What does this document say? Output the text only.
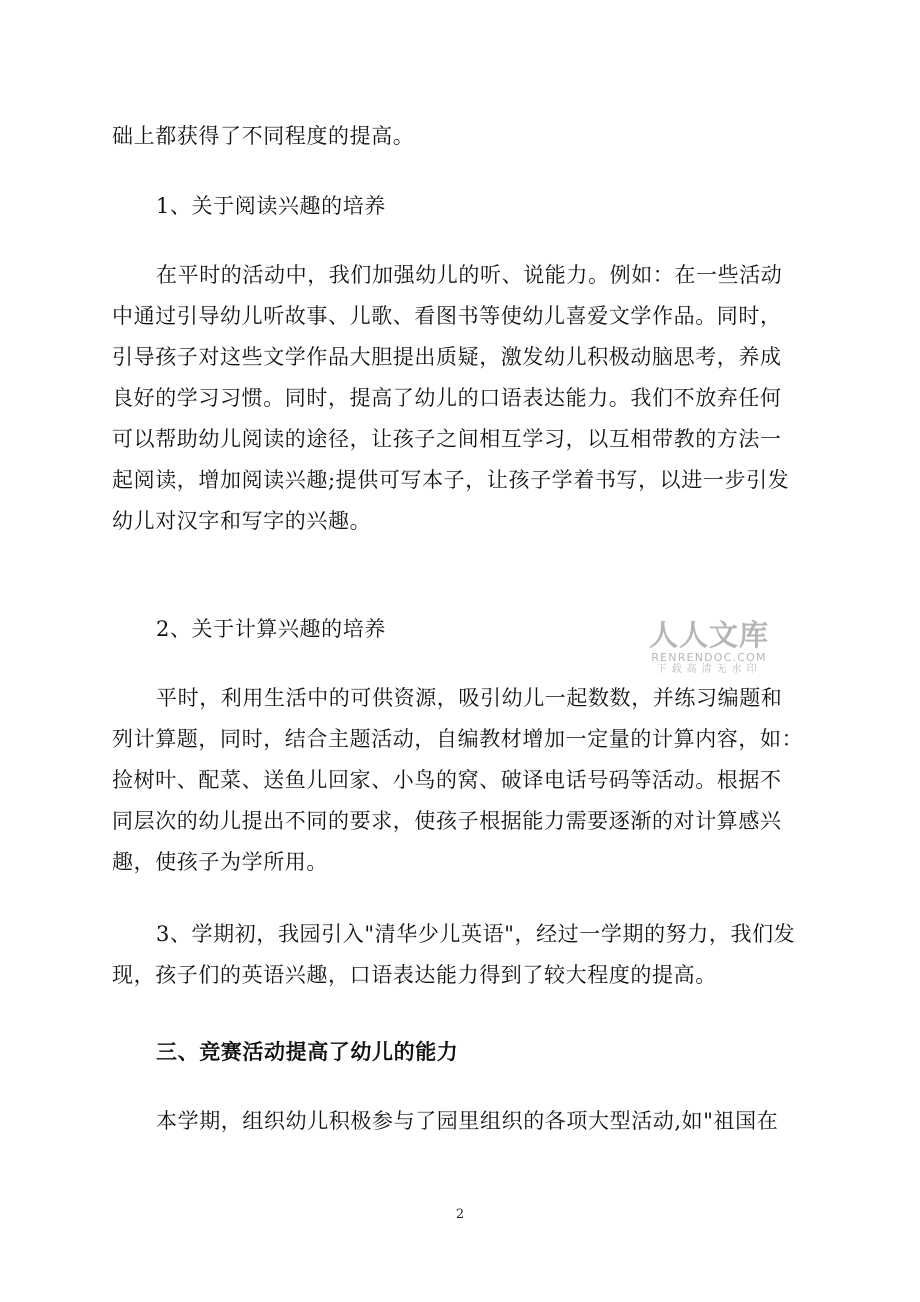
础上都获得了不同程度的提高。
1、关于阅读兴趣的培养
在平时的活动中，我们加强幼儿的听、说能力。例如：在一些活动
中通过引导幼儿听故事、儿歌、看图书等使幼儿喜爱文学作品。同时，
引导孩子对这些文学作品大胆提出质疑，激发幼儿积极动脑思考，养成
良好的学习习惯。同时，提高了幼儿的口语表达能力。我们不放弃任何
可以帮助幼儿阅读的途径，让孩子之间相互学习，以互相带教的方法一
起阅读，增加阅读兴趣;提供可写本子，让孩子学着书写，以进一步引发
幼儿对汉字和写字的兴趣。
2、关于计算兴趣的培养
平时，利用生活中的可供资源，吸引幼儿一起数数，并练习编题和
列计算题，同时，结合主题活动，自编教材增加一定量的计算内容，如：
捡树叶、配菜、送鱼儿回家、小鸟的窝、破译电话号码等活动。根据不
同层次的幼儿提出不同的要求，使孩子根据能力需要逐渐的对计算感兴
趣，使孩子为学所用。
3、学期初，我园引入"清华少儿英语"，经过一学期的努力，我们发
现，孩子们的英语兴趣，口语表达能力得到了较大程度的提高。
三、竞赛活动提高了幼儿的能力
本学期，组织幼儿积极参与了园里组织的各项大型活动,如"祖国在
2
人人文库
RENRENDOC.COM
下载高清无水印
